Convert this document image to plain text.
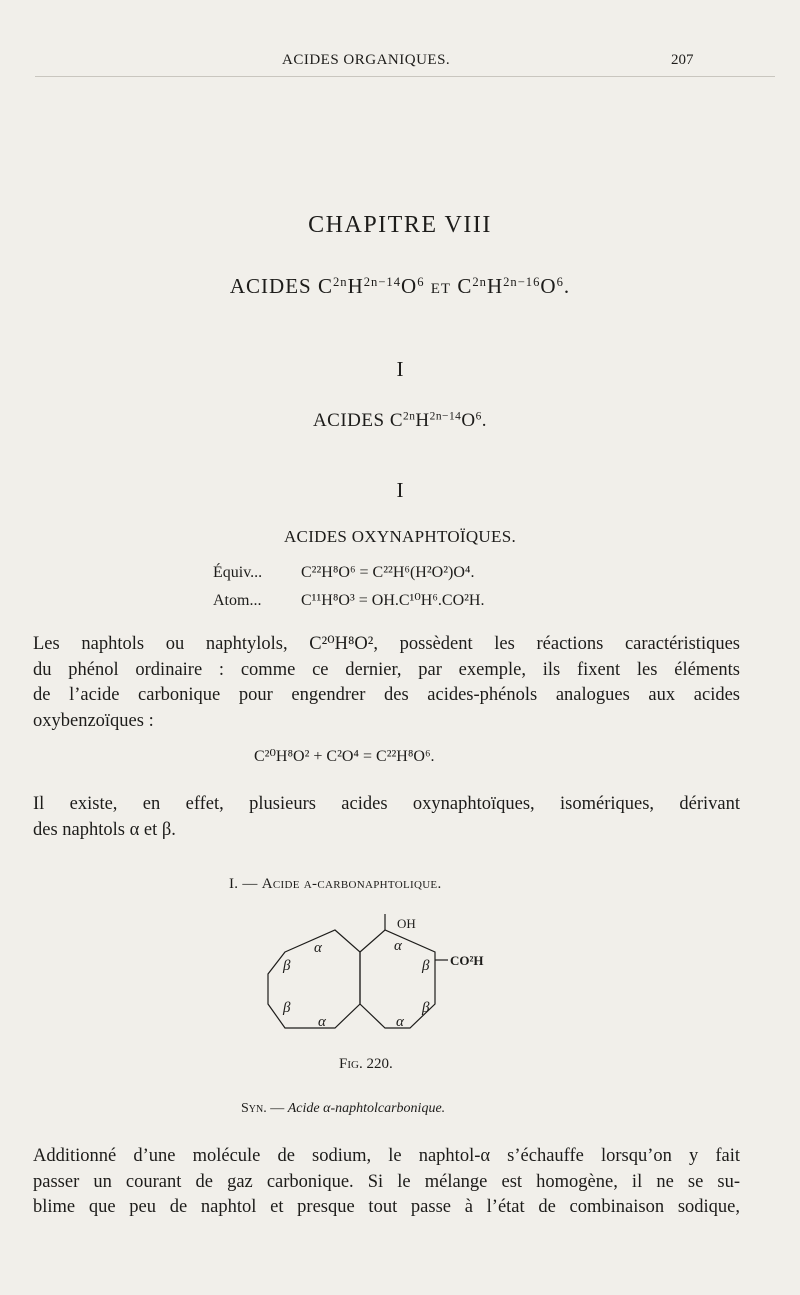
ACIDES ORGANIQUES.	207
CHAPITRE VIII
ACIDES $C^{2n}H^{2n-14}O^6$ ET $C^{2n}H^{2n-16}O^6$.
I
ACIDES $C^{2n}H^{2n-14}O^6$.
I
ACIDES OXYNAPHTOÏQUES.
Équiv... C²²H⁸O⁶ = C²²H⁶(H²O²)O⁴.
Atom... C¹¹H⁸O³ = OH.C¹⁰H⁶.CO²H.
Les naphtols ou naphtylols, C²⁰H⁸O², possèdent les réactions caractéristiques
du phénol ordinaire : comme ce dernier, par exemple, ils fixent les éléments
de l’acide carbonique pour engendrer des acides-phénols analogues aux acides
oxybenzoïques :
C²⁰H⁸O² + C²O⁴ = C²²H⁸O⁶.
Il existe, en effet, plusieurs acides oxynaphtoïques, isomériques, dérivant
des naphtols α et β.
I. — Acide α-carbonaphtolique.
α	α
β
β
β
β
α	α
OH
CO²H
Fig. 220.
Syn. — Acide α-naphtolcarbonique.
Additionné d’une molécule de sodium, le naphtol-α s’échauffe lorsqu’on y fait
passer un courant de gaz carbonique. Si le mélange est homogène, il ne se su-
blime que peu de naphtol et presque tout passe à l’état de combinaison sodique,
